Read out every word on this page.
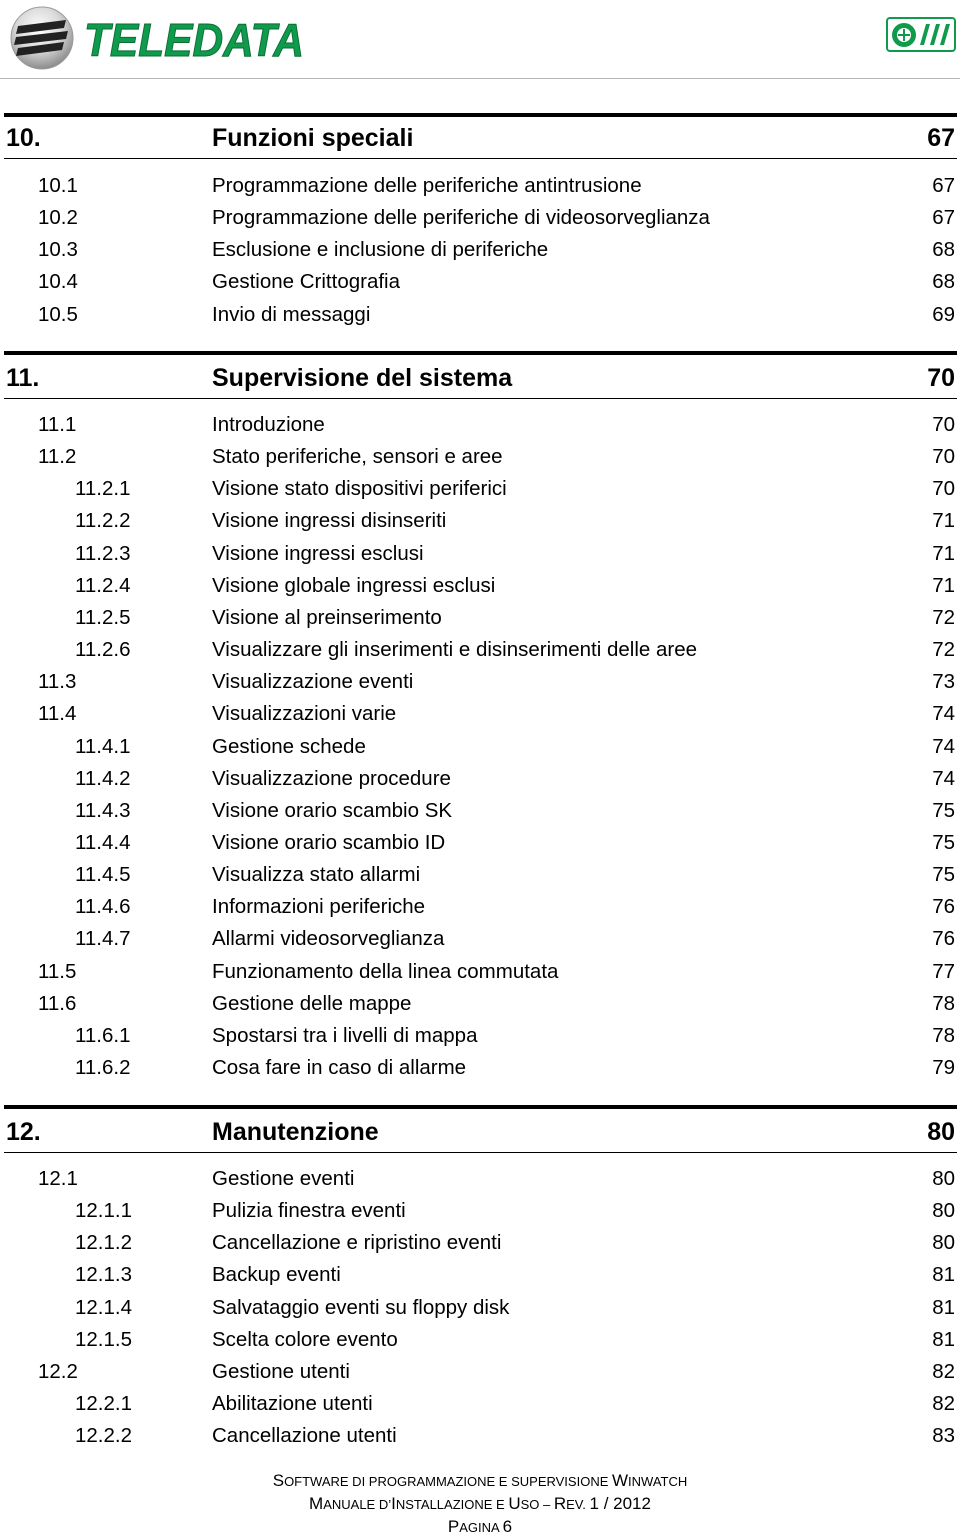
TELEDATA
10.	Funzioni speciali	67
10.1	Programmazione delle periferiche antintrusione	67
10.2	Programmazione delle periferiche di videosorveglianza	67
10.3	Esclusione e inclusione di periferiche	68
10.4	Gestione Crittografia	68
10.5	Invio di messaggi	69
11.	Supervisione del sistema	70
11.1	Introduzione	70
11.2	Stato periferiche, sensori e aree	70
11.2.1	Visione stato dispositivi periferici	70
11.2.2	Visione ingressi disinseriti	71
11.2.3	Visione ingressi esclusi	71
11.2.4	Visione globale ingressi esclusi	71
11.2.5	Visione al preinserimento	72
11.2.6	Visualizzare gli inserimenti e disinserimenti delle aree	72
11.3	Visualizzazione eventi	73
11.4	Visualizzazioni varie	74
11.4.1	Gestione schede	74
11.4.2	Visualizzazione procedure	74
11.4.3	Visione orario scambio SK	75
11.4.4	Visione orario scambio ID	75
11.4.5	Visualizza stato allarmi	75
11.4.6	Informazioni periferiche	76
11.4.7	Allarmi videosorveglianza	76
11.5	Funzionamento della linea commutata	77
11.6	Gestione delle mappe	78
11.6.1	Spostarsi tra i livelli di mappa	78
11.6.2	Cosa fare in caso di allarme	79
12.	Manutenzione	80
12.1	Gestione eventi	80
12.1.1	Pulizia finestra eventi	80
12.1.2	Cancellazione e ripristino eventi	80
12.1.3	Backup eventi	81
12.1.4	Salvataggio eventi su floppy disk	81
12.1.5	Scelta colore evento	81
12.2	Gestione utenti	82
12.2.1	Abilitazione utenti	82
12.2.2	Cancellazione utenti	83
SOFTWARE DI PROGRAMMAZIONE E SUPERVISIONE WINWATCH
MANUALE D’INSTALLAZIONE E USO – REV. 1 / 2012
PAGINA 6
